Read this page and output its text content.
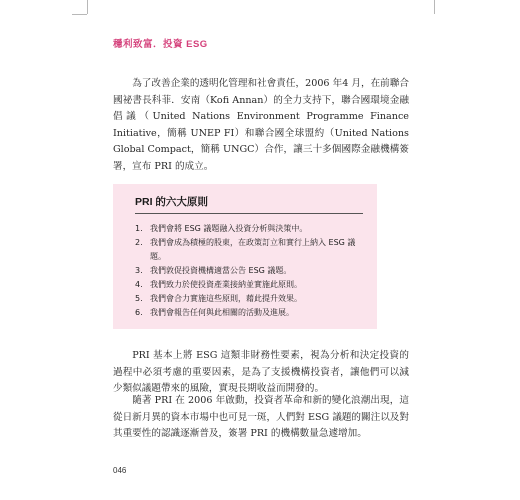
穩利致富．投資 ESG

為了改善企業的透明化管理和社會責任，2006 年4 月，在前聯合國祕書長科菲．安南（Kofi Annan）的全力支持下，聯合國環境金融倡議（United Nations Environment Programme Finance Initiative，簡稱 UNEP FI）和聯合國全球盟約（United Nations Global Compact，簡稱 UNGC）合作，讓三十多個國際金融機構簽署，宣布 PRI 的成立。

PRI 的六大原則
1. 我們會將 ESG 議題融入投資分析與決策中。
2. 我們會成為積極的股東，在政策訂立和實行上納入 ESG 議題。
3. 我們敦促投資機構適當公告 ESG 議題。
4. 我們致力於使投資產業接納並實施此原則。
5. 我們會合力實施這些原則，藉此提升效果。
6. 我們會報告任何與此相關的活動及進展。

PRI 基本上將 ESG 這類非財務性要素，視為分析和決定投資的過程中必須考慮的重要因素，是為了支援機構投資者，讓他們可以減少類似議題帶來的風險，實現長期收益而開發的。

隨著 PRI 在 2006 年啟動，投資者革命和新的變化浪潮出現，這從日新月異的資本市場中也可見一斑，人們對 ESG 議題的關注以及對其重要性的認識逐漸普及，簽署 PRI 的機構數量急遽增加。

046
